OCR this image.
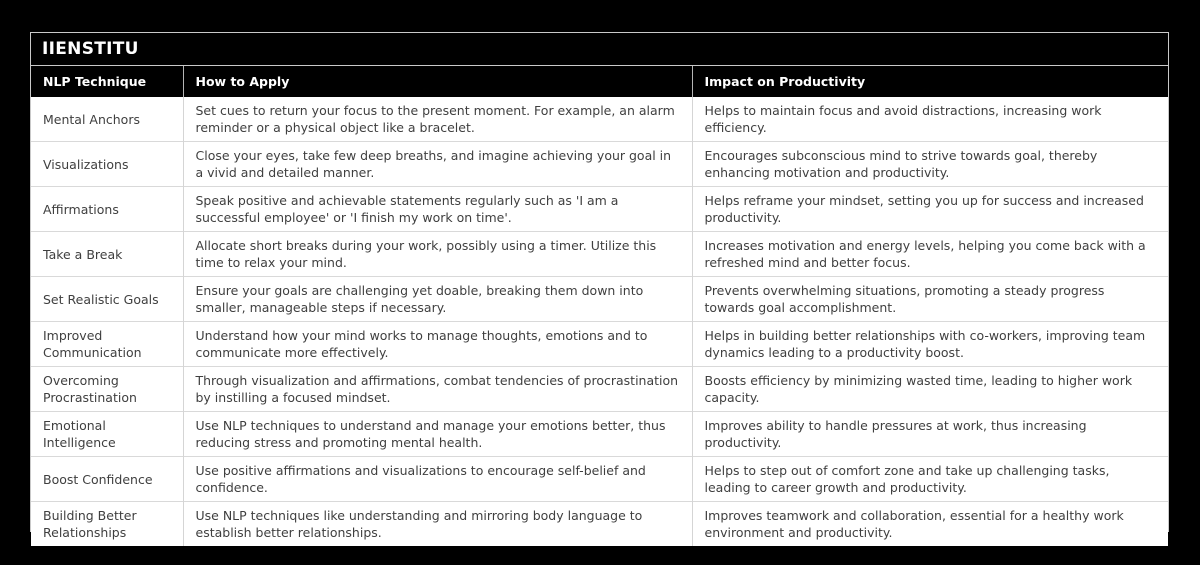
IIENSTITU
NLP Technique	How to Apply	Impact on Productivity
Mental Anchors	Set cues to return your focus to the present moment. For example, an alarm reminder or a physical object like a bracelet.	Helps to maintain focus and avoid distractions, increasing work efficiency.
Visualizations	Close your eyes, take few deep breaths, and imagine achieving your goal in a vivid and detailed manner.	Encourages subconscious mind to strive towards goal, thereby enhancing motivation and productivity.
Affirmations	Speak positive and achievable statements regularly such as 'I am a successful employee' or 'I finish my work on time'.	Helps reframe your mindset, setting you up for success and increased productivity.
Take a Break	Allocate short breaks during your work, possibly using a timer. Utilize this time to relax your mind.	Increases motivation and energy levels, helping you come back with a refreshed mind and better focus.
Set Realistic Goals	Ensure your goals are challenging yet doable, breaking them down into smaller, manageable steps if necessary.	Prevents overwhelming situations, promoting a steady progress towards goal accomplishment.
Improved Communication	Understand how your mind works to manage thoughts, emotions and to communicate more effectively.	Helps in building better relationships with co-workers, improving team dynamics leading to a productivity boost.
Overcoming Procrastination	Through visualization and affirmations, combat tendencies of procrastination by instilling a focused mindset.	Boosts efficiency by minimizing wasted time, leading to higher work capacity.
Emotional Intelligence	Use NLP techniques to understand and manage your emotions better, thus reducing stress and promoting mental health.	Improves ability to handle pressures at work, thus increasing productivity.
Boost Confidence	Use positive affirmations and visualizations to encourage self-belief and confidence.	Helps to step out of comfort zone and take up challenging tasks, leading to career growth and productivity.
Building Better Relationships	Use NLP techniques like understanding and mirroring body language to establish better relationships.	Improves teamwork and collaboration, essential for a healthy work environment and productivity.
